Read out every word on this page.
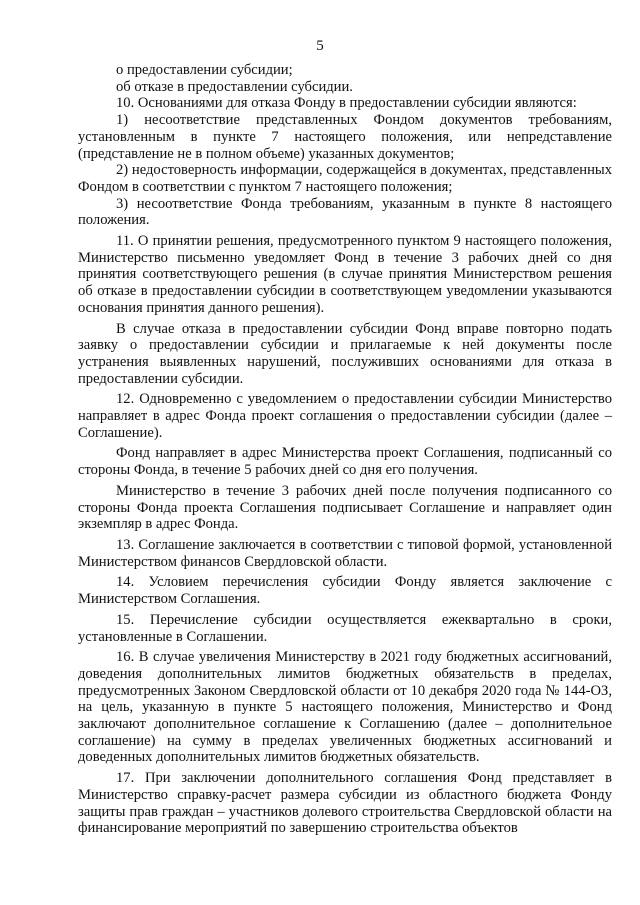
5

о предоставлении субсидии;

об отказе в предоставлении субсидии.

10. Основаниями для отказа Фонду в предоставлении субсидии являются:

1) несоответствие представленных Фондом документов требованиям, установленным в пункте 7 настоящего положения, или непредставление (представление не в полном объеме) указанных документов;

2) недостоверность информации, содержащейся в документах, представленных Фондом в соответствии с пунктом 7 настоящего положения;

3) несоответствие Фонда требованиям, указанным в пункте 8 настоящего положения.

11. О принятии решения, предусмотренного пунктом 9 настоящего положения, Министерство письменно уведомляет Фонд в течение 3 рабочих дней со дня принятия соответствующего решения (в случае принятия Министерством решения об отказе в предоставлении субсидии в соответствующем уведомлении указываются основания принятия данного решения).

В случае отказа в предоставлении субсидии Фонд вправе повторно подать заявку о предоставлении субсидии и прилагаемые к ней документы после устранения выявленных нарушений, послуживших основаниями для отказа в предоставлении субсидии.

12. Одновременно с уведомлением о предоставлении субсидии Министерство направляет в адрес Фонда проект соглашения о предоставлении субсидии (далее – Соглашение).

Фонд направляет в адрес Министерства проект Соглашения, подписанный со стороны Фонда, в течение 5 рабочих дней со дня его получения.

Министерство в течение 3 рабочих дней после получения подписанного со стороны Фонда проекта Соглашения подписывает Соглашение и направляет один экземпляр в адрес Фонда.

13. Соглашение заключается в соответствии с типовой формой, установленной Министерством финансов Свердловской области.

14. Условием перечисления субсидии Фонду является заключение с Министерством Соглашения.

15. Перечисление субсидии осуществляется ежеквартально в сроки, установленные в Соглашении.

16. В случае увеличения Министерству в 2021 году бюджетных ассигнований, доведения дополнительных лимитов бюджетных обязательств в пределах, предусмотренных Законом Свердловской области от 10 декабря 2020 года № 144-ОЗ, на цель, указанную в пункте 5 настоящего положения, Министерство и Фонд заключают дополнительное соглашение к Соглашению (далее – дополнительное соглашение) на сумму в пределах увеличенных бюджетных ассигнований и доведенных дополнительных лимитов бюджетных обязательств.

17. При заключении дополнительного соглашения Фонд представляет в Министерство справку-расчет размера субсидии из областного бюджета Фонду защиты прав граждан – участников долевого строительства Свердловской области на финансирование мероприятий по завершению строительства объектов
